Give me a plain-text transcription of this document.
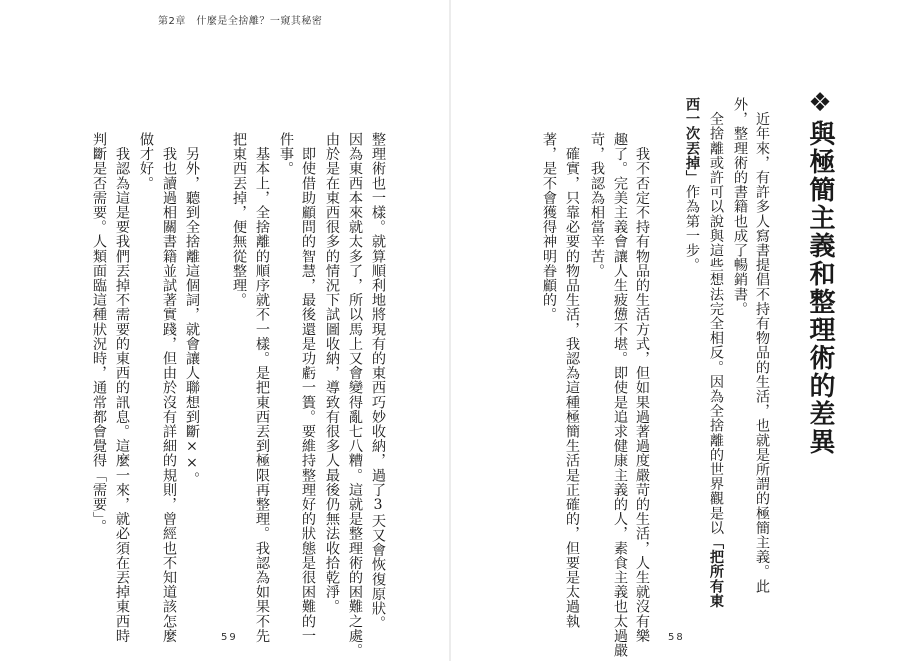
第2章　什麼是全捨離？一窺其秘密
❖與極簡主義和整理術的差異
　近年來，有許多人寫書提倡不持有物品的生活，也就是所謂的極簡主義。此
外，整理術的書籍也成了暢銷書。
　全捨離或許可以說與這些想法完全相反。因為全捨離的世界觀是以「把所有東
西一次丟掉」作為第一步。
　我不否定不持有物品的生活方式，但如果過著過度嚴苛的生活，人生就沒有樂
趣了。完美主義會讓人生疲憊不堪。即使是追求健康主義的人，素食主義也太過嚴
苛，我認為相當辛苦。
　確實，只靠必要的物品生活，我認為這種極簡生活是正確的，但要是太過執
著，是不會獲得神明眷顧的。
58
整理術也一樣。就算順利地將現有的東西巧妙收納，過了3天又會恢復原狀。
因為東西本來就太多了，所以馬上又會變得亂七八糟。這就是整理術的困難之處。
由於是在東西很多的情況下試圖收納，導致有很多人最後仍無法收拾乾淨。
　即使借助顧問的智慧，最後還是功虧一簣。要維持整理好的狀態是很困難的一
件事。
　基本上，全捨離的順序就不一樣。是把東西丟到極限再整理。我認為如果不先
把東西丟掉，便無從整理。
　另外，聽到全捨離這個詞，就會讓人聯想到斷××。
　我也讀過相關書籍並試著實踐，但由於沒有詳細的規則，曾經也不知道該怎麼
做才好。
　我認為這是要我們丟掉不需要的東西的訊息。這麼一來，就必須在丟掉東西時
判斷是否需要。人類面臨這種狀況時，通常都會覺得「需要」。
59
